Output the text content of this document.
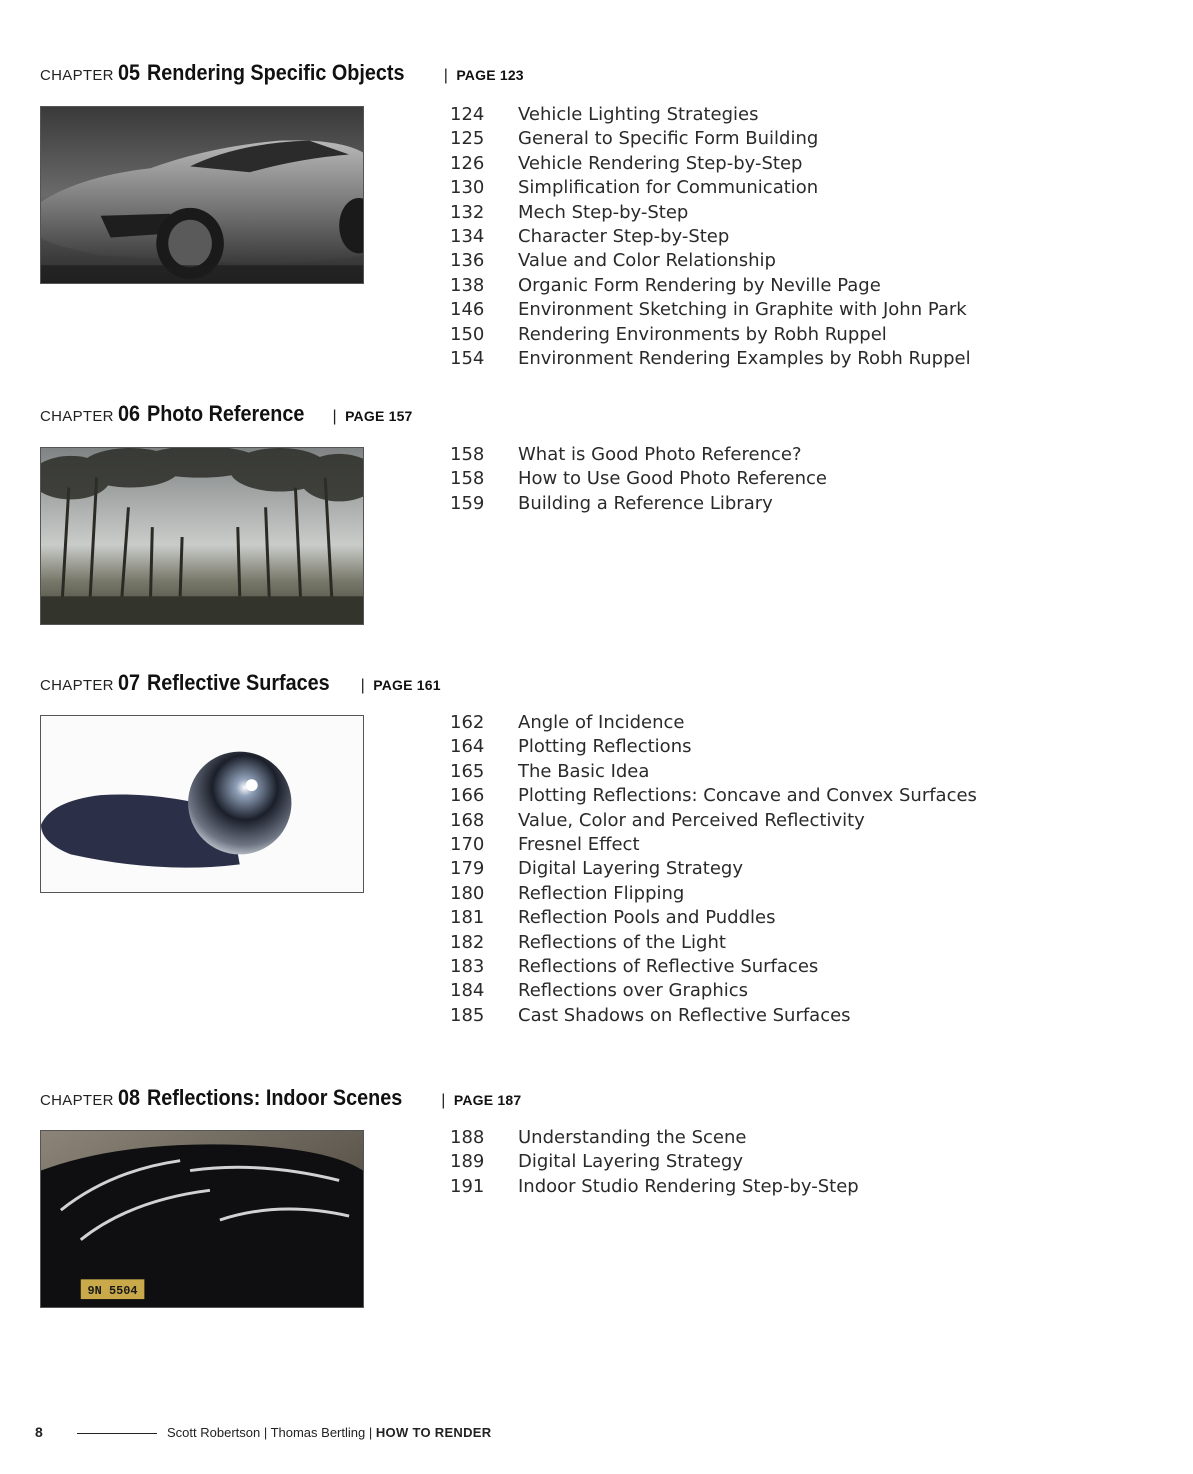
CHAPTER 05 Rendering Specific Objects | PAGE 123
124 Vehicle Lighting Strategies
125 General to Specific Form Building
126 Vehicle Rendering Step-by-Step
130 Simplification for Communication
132 Mech Step-by-Step
134 Character Step-by-Step
136 Value and Color Relationship
138 Organic Form Rendering by Neville Page
146 Environment Sketching in Graphite with John Park
150 Rendering Environments by Robh Ruppel
154 Environment Rendering Examples by Robh Ruppel
CHAPTER 06 Photo Reference | PAGE 157
158 What is Good Photo Reference?
158 How to Use Good Photo Reference
159 Building a Reference Library
CHAPTER 07 Reflective Surfaces | PAGE 161
162 Angle of Incidence
164 Plotting Reflections
165 The Basic Idea
166 Plotting Reflections: Concave and Convex Surfaces
168 Value, Color and Perceived Reflectivity
170 Fresnel Effect
179 Digital Layering Strategy
180 Reflection Flipping
181 Reflection Pools and Puddles
182 Reflections of the Light
183 Reflections of Reflective Surfaces
184 Reflections over Graphics
185 Cast Shadows on Reflective Surfaces
CHAPTER 08 Reflections: Indoor Scenes | PAGE 187
9N 5504
188 Understanding the Scene
189 Digital Layering Strategy
191 Indoor Studio Rendering Step-by-Step
8	Scott Robertson | Thomas Bertling | HOW TO RENDER
